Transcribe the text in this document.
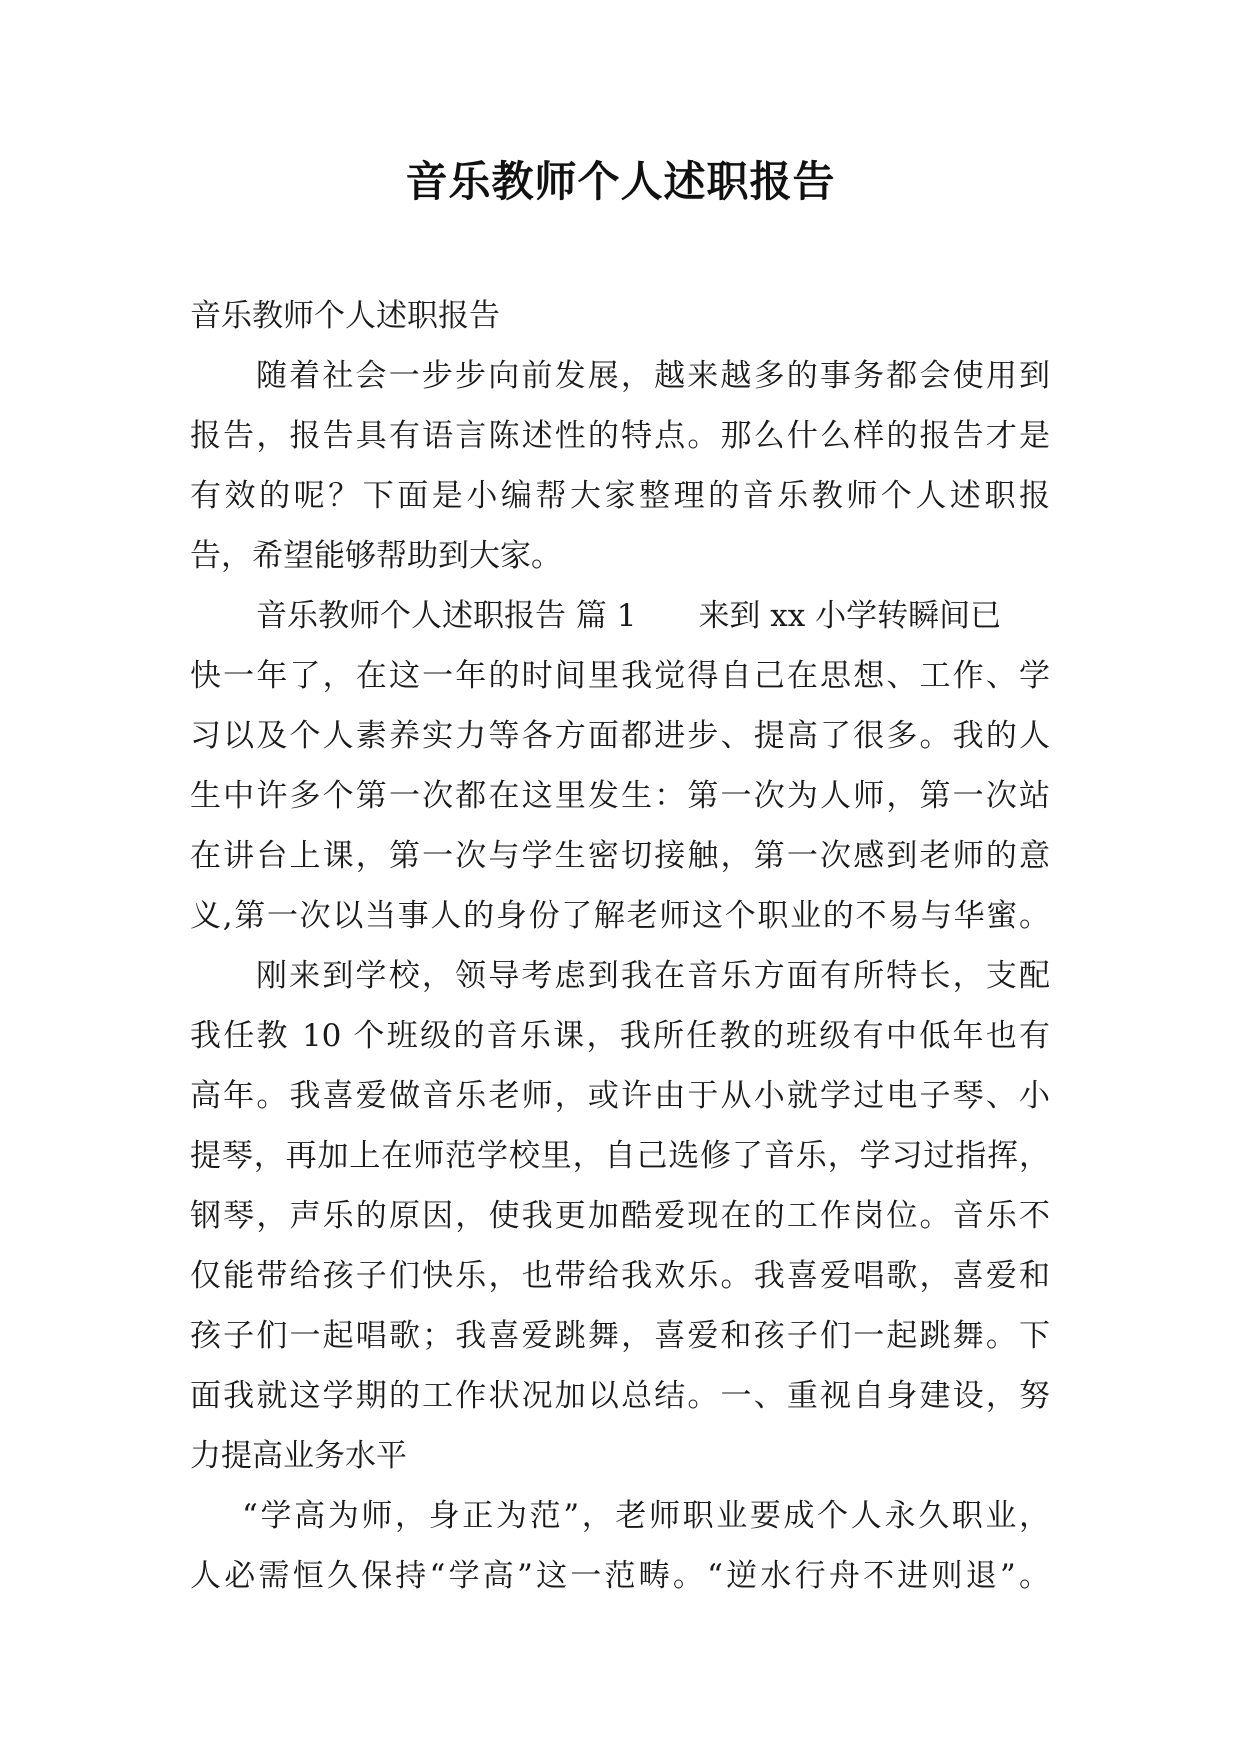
音乐教师个人述职报告
音乐教师个人述职报告
随着社会一步步向前发展，越来越多的事务都会使用到
报告，报告具有语言陈述性的特点。那么什么样的报告才是
有效的呢？下面是小编帮大家整理的音乐教师个人述职报
告，希望能够帮助到大家。
音乐教师个人述职报告 篇 1 来到 xx 小学转瞬间已
快一年了，在这一年的时间里我觉得自己在思想、工作、学
习以及个人素养实力等各方面都进步、提高了很多。我的人
生中许多个第一次都在这里发生：第一次为人师，第一次站
在讲台上课，第一次与学生密切接触，第一次感到老师的意
义,第一次以当事人的身份了解老师这个职业的不易与华蜜。
刚来到学校，领导考虑到我在音乐方面有所特长，支配
我任教 10 个班级的音乐课，我所任教的班级有中低年也有
高年。我喜爱做音乐老师，或许由于从小就学过电子琴、小
提琴，再加上在师范学校里，自己选修了音乐，学习过指挥，
钢琴，声乐的原因，使我更加酷爱现在的工作岗位。音乐不
仅能带给孩子们快乐，也带给我欢乐。我喜爱唱歌，喜爱和
孩子们一起唱歌；我喜爱跳舞，喜爱和孩子们一起跳舞。下
面我就这学期的工作状况加以总结。一、重视自身建设，努
力提高业务水平
“学高为师，身正为范”，老师职业要成个人永久职业，
人必需恒久保持“学高”这一范畴。“逆水行舟不进则退”。
